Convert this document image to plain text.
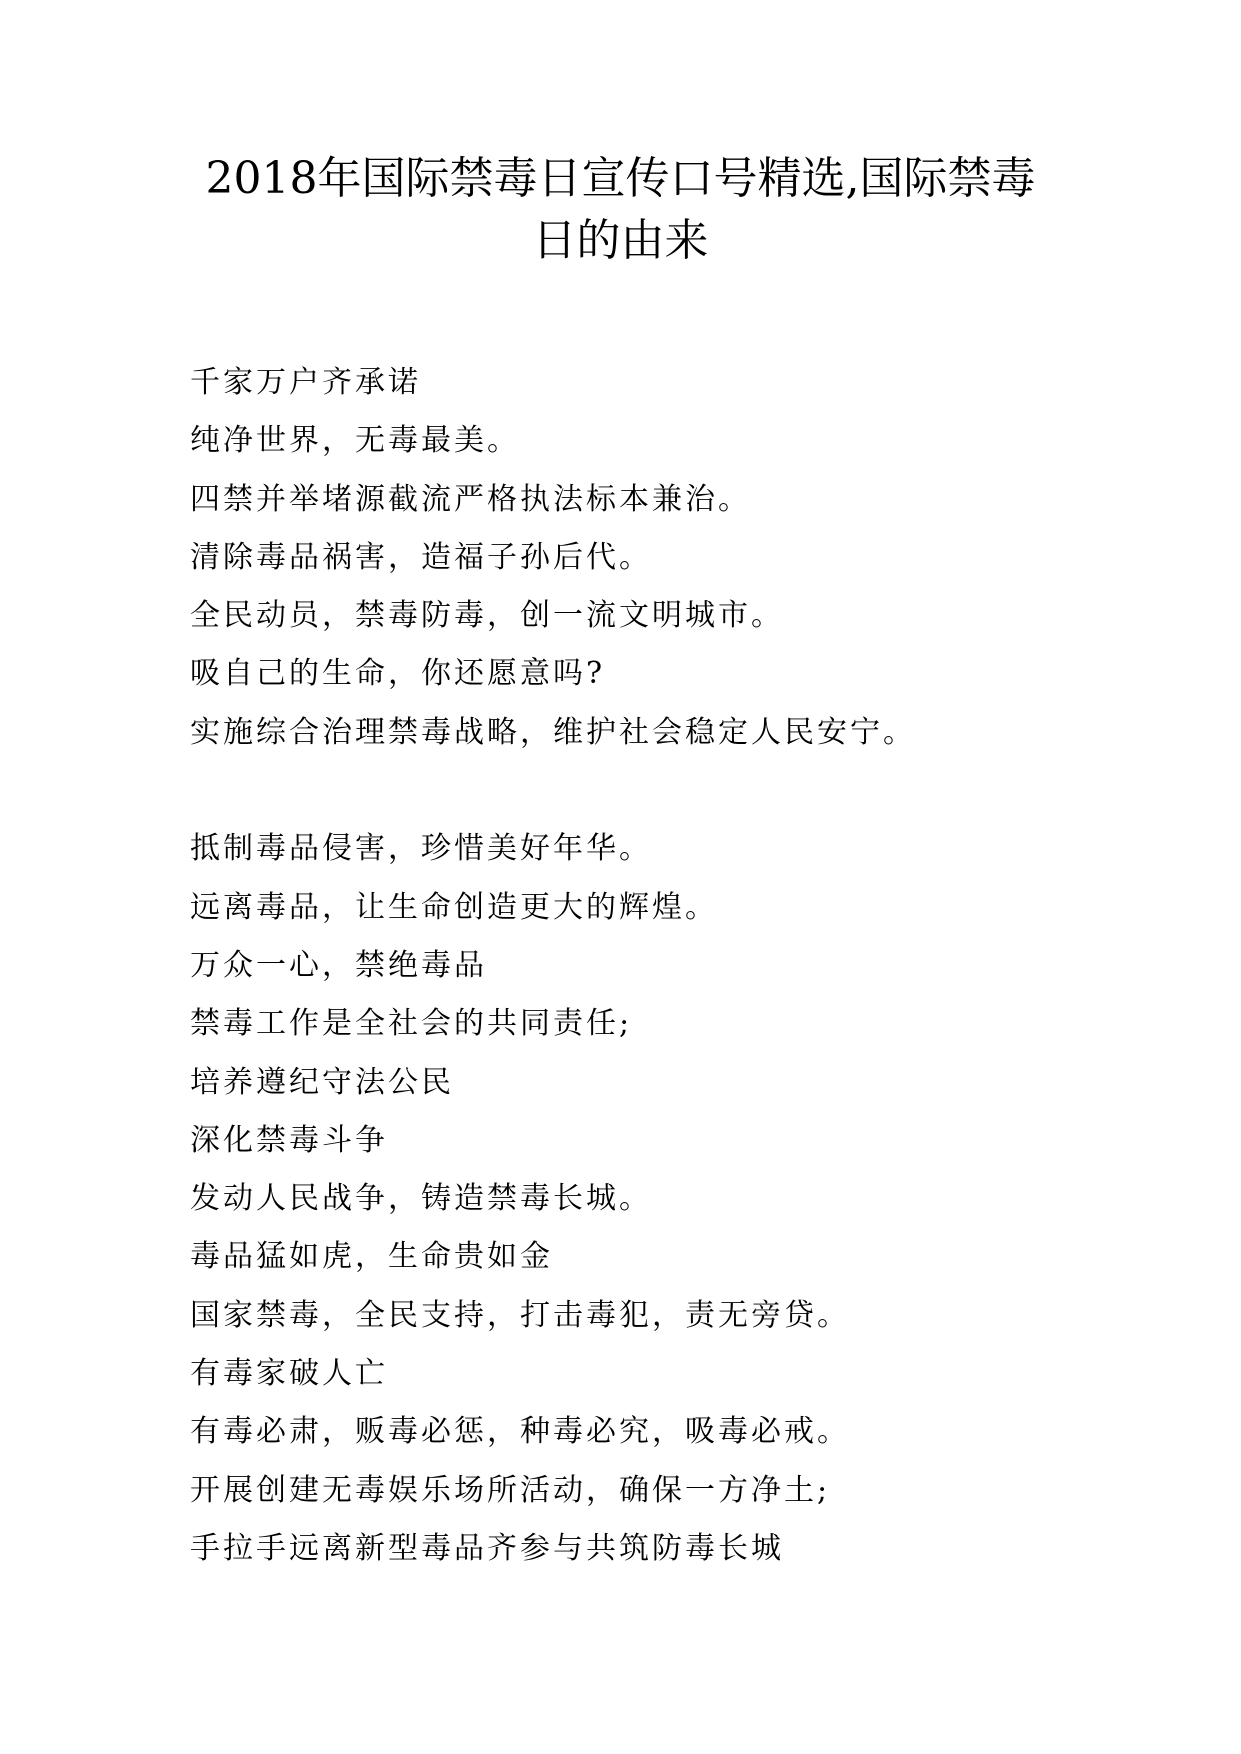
2018年国际禁毒日宣传口号精选,国际禁毒
日的由来
千家万户齐承诺
纯净世界，无毒最美。
四禁并举堵源截流严格执法标本兼治。
清除毒品祸害，造福子孙后代。
全民动员，禁毒防毒，创一流文明城市。
吸自己的生命，你还愿意吗?
实施综合治理禁毒战略，维护社会稳定人民安宁。
抵制毒品侵害，珍惜美好年华。
远离毒品，让生命创造更大的辉煌。
万众一心，禁绝毒品
禁毒工作是全社会的共同责任;
培养遵纪守法公民
深化禁毒斗争
发动人民战争，铸造禁毒长城。
毒品猛如虎，生命贵如金
国家禁毒，全民支持，打击毒犯，责无旁贷。
有毒家破人亡
有毒必肃，贩毒必惩，种毒必究，吸毒必戒。
开展创建无毒娱乐场所活动，确保一方净土;
手拉手远离新型毒品齐参与共筑防毒长城
